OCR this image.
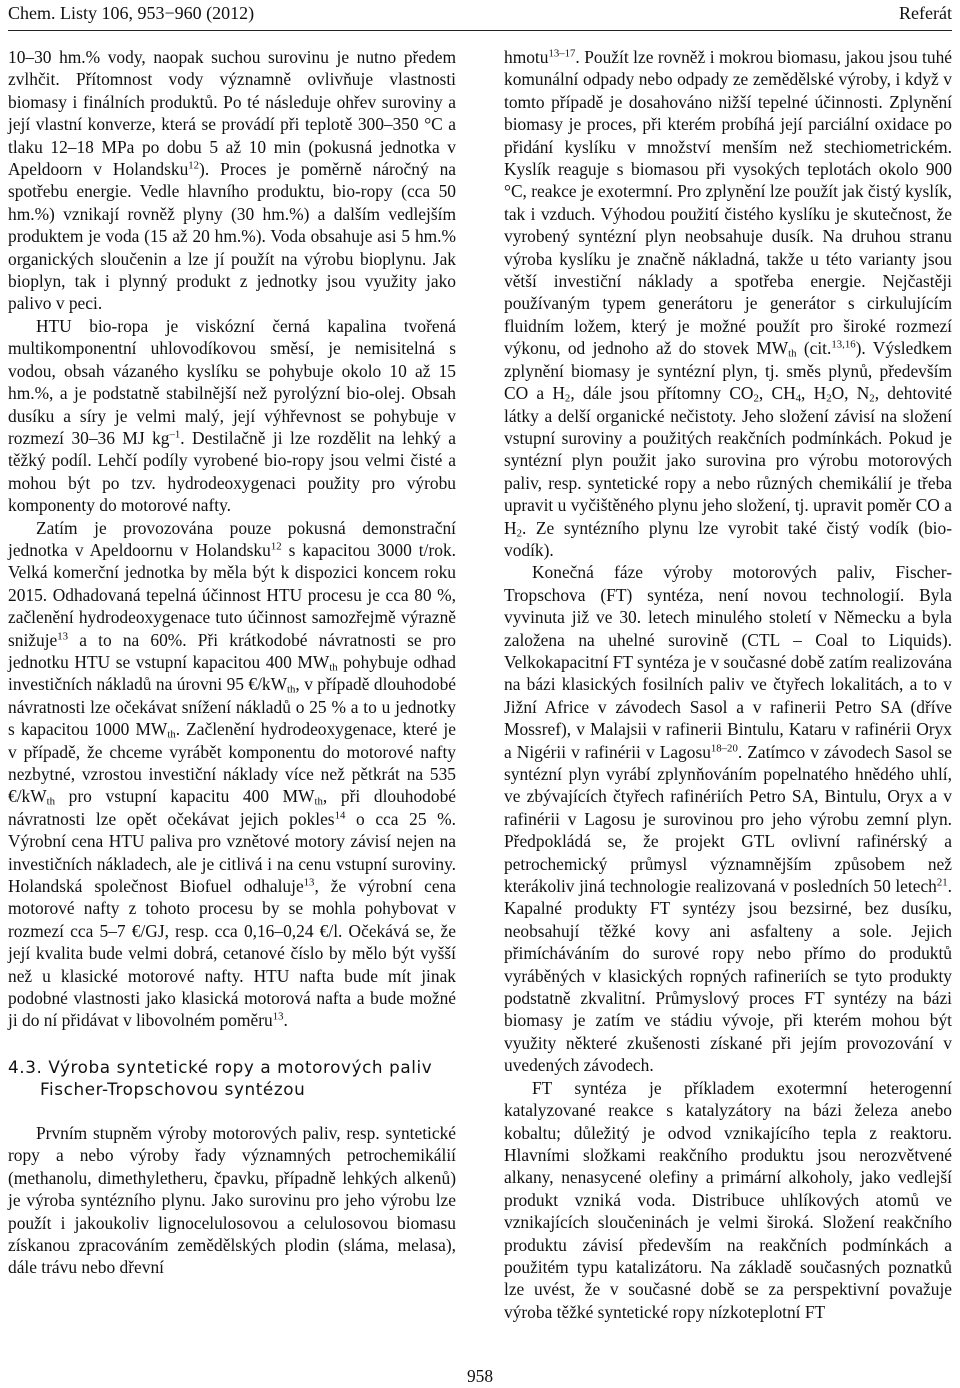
Chem. Listy 106, 953−960 (2012)	Referát

10–30 hm.% vody, naopak suchou surovinu je nutno předem zvlhčit. Přítomnost vody významně ovlivňuje vlastnosti biomasy i finálních produktů. Po té následuje ohřev suroviny a její vlastní konverze, která se provádí při teplotě 300–350 °C a tlaku 12–18 MPa po dobu 5 až 10 min (pokusná jednotka v Apeldoorn v Holandsku$^{12}$). Proces je poměrně náročný na spotřebu energie. Vedle hlavního produktu, bio-ropy (cca 50 hm.%) vznikají rovněž plyny (30 hm.%) a dalším vedlejším produktem je voda (15 až 20 hm.%). Voda obsahuje asi 5 hm.% organických sloučenin a lze jí použít na výrobu bioplynu. Jak bioplyn, tak i plynný produkt z jednotky jsou využity jako palivo v peci.

HTU bio-ropa je viskózní černá kapalina tvořená multikomponentní uhlovodíkovou směsí, je nemisitelná s vodou, obsah vázaného kyslíku se pohybuje okolo 10 až 15 hm.%, a je podstatně stabilnější než pyrolýzní bio-olej. Obsah dusíku a síry je velmi malý, její výhřevnost se pohybuje v rozmezí 30–36 MJ $kg^{-1}$. Destilačně ji lze rozdělit na lehký a těžký podíl. Lehčí podíly vyrobené bio-ropy jsou velmi čisté a mohou být po tzv. hydrodeoxygenaci použity pro výrobu komponenty do motorové nafty.

Zatím je provozována pouze pokusná demonstrační jednotka v Apeldoornu v Holandsku$^{12}$ s kapacitou 3000 t/rok. Velká komerční jednotka by měla být k dispozici koncem roku 2015. Odhadovaná tepelná účinnost HTU procesu je cca 80 %, začlenění hydrodeoxygenace tuto účinnost samozřejmě výrazně snižuje$^{13}$ a to na 60%. Při krátkodobé návratnosti se pro jednotku HTU se vstupní kapacitou 400 $MW_{th}$ pohybuje odhad investičních nákladů na úrovni 95 $€/kW_{th}$, v případě dlouhodobé návratnosti lze očekávat snížení nákladů o 25 % a to u jednotky s kapacitou 1000 $MW_{th}$. Začlenění hydrodeoxygenace, které je v případě, že chceme vyrábět komponentu do motorové nafty nezbytné, vzrostou investiční náklady více než pětkrát na 535 $€/kW_{th}$ pro vstupní kapacitu 400 $MW_{th}$, při dlouhodobé návratnosti lze opět očekávat jejich pokles$^{14}$ o cca 25 %. Výrobní cena HTU paliva pro vznětové motory závisí nejen na investičních nákladech, ale je citlivá i na cenu vstupní suroviny. Holandská společnost Biofuel odhaluje$^{13}$, že výrobní cena motorové nafty z tohoto procesu by se mohla pohybovat v rozmezí cca 5–7 €/GJ, resp. cca 0,16–0,24 €/l. Očekává se, že její kvalita bude velmi dobrá, cetanové číslo by mělo být vyšší než u klasické motorové nafty. HTU nafta bude mít jinak podobné vlastnosti jako klasická motorová nafta a bude možné ji do ní přidávat v libovolném poměru$^{13}$.

4.3. Výroba syntetické ropy a motorových paliv
Fischer-Tropschovou syntézou

Prvním stupněm výroby motorových paliv, resp. syntetické ropy a nebo výroby řady významných petrochemikálií (methanolu, dimethyletheru, čpavku, případně lehkých alkenů) je výroba syntézního plynu. Jako surovinu pro jeho výrobu lze použít i jakoukoliv lignocelulosovou a celulosovou biomasu získanou zpracováním zemědělských plodin (sláma, melasa), dále trávu nebo dřevní

hmotu$^{13-17}$. Použít lze rovněž i mokrou biomasu, jakou jsou tuhé komunální odpady nebo odpady ze zemědělské výroby, i když v tomto případě je dosahováno nižší tepelné účinnosti. Zplynění biomasy je proces, při kterém probíhá její parciální oxidace po přidání kyslíku v množství menším než stechiometrickém. Kyslík reaguje s biomasou při vysokých teplotách okolo 900 °C, reakce je exotermní. Pro zplynění lze použít jak čistý kyslík, tak i vzduch. Výhodou použití čistého kyslíku je skutečnost, že vyrobený syntézní plyn neobsahuje dusík. Na druhou stranu výroba kyslíku je značně nákladná, takže u této varianty jsou větší investiční náklady a spotřeba energie. Nejčastěji používaným typem generátoru je generátor s cirkulujícím fluidním ložem, který je možné použít pro široké rozmezí výkonu, od jednoho až do stovek $MW_{th}$ (cit.$^{13,16}$). Výsledkem zplynění biomasy je syntézní plyn, tj. směs plynů, především CO a $H_2$, dále jsou přítomny $CO_2$, $CH_4$, $H_2O$, $N_2$, dehtovité látky a delší organické nečistoty. Jeho složení závisí na složení vstupní suroviny a použitých reakčních podmínkách. Pokud je syntézní plyn použit jako surovina pro výrobu motorových paliv, resp. syntetické ropy a nebo různých chemikálií je třeba upravit u vyčištěného plynu jeho složení, tj. upravit poměr CO a $H_2$. Ze syntézního plynu lze vyrobit také čistý vodík (bio-vodík).

Konečná fáze výroby motorových paliv, Fischer-Tropschova (FT) syntéza, není novou technologií. Byla vyvinuta již ve 30. letech minulého století v Německu a byla založena na uhelné surovině (CTL – Coal to Liquids). Velkokapacitní FT syntéza je v současné době zatím realizována na bázi klasických fosilních paliv ve čtyřech lokalitách, a to v Jižní Africe v závodech Sasol a v rafinerii Petro SA (dříve Mossref), v Malajsii v rafinerii Bintulu, Kataru v rafinérii Oryx a Nigérii v rafinérii v Lagosu$^{18-20}$. Zatímco v závodech Sasol se syntézní plyn vyrábí zplynňováním popelnatého hnědého uhlí, ve zbývajících čtyřech rafinériích Petro SA, Bintulu, Oryx a v rafinérii v Lagosu je surovinou pro jeho výrobu zemní plyn. Předpokládá se, že projekt GTL ovlivní rafinérský a petrochemický průmysl významnějším způsobem než kterákoliv jiná technologie realizovaná v posledních 50 letech$^{21}$. Kapalné produkty FT syntézy jsou bezsirné, bez dusíku, neobsahují těžké kovy ani asfalteny a sole. Jejich přimícháváním do surové ropy nebo přímo do produktů vyráběných v klasických ropných rafineriích se tyto produkty podstatně zkvalitní. Průmyslový proces FT syntézy na bázi biomasy je zatím ve stádiu vývoje, při kterém mohou být využity některé zkušenosti získané při jejím provozování v uvedených závodech.

FT syntéza je příkladem exotermní heterogenní katalyzované reakce s katalyzátory na bázi železa anebo kobaltu; důležitý je odvod vznikajícího tepla z reaktoru. Hlavními složkami reakčního produktu jsou nerozvětvené alkany, nenasycené olefiny a primární alkoholy, jako vedlejší produkt vzniká voda. Distribuce uhlíkových atomů ve vznikajících sloučeninách je velmi široká. Složení reakčního produktu závisí především na reakčních podmínkách a použitém typu katalizátoru. Na základě současných poznatků lze uvést, že v současné době se za perspektivní považuje výroba těžké syntetické ropy nízkoteplotní FT

958
